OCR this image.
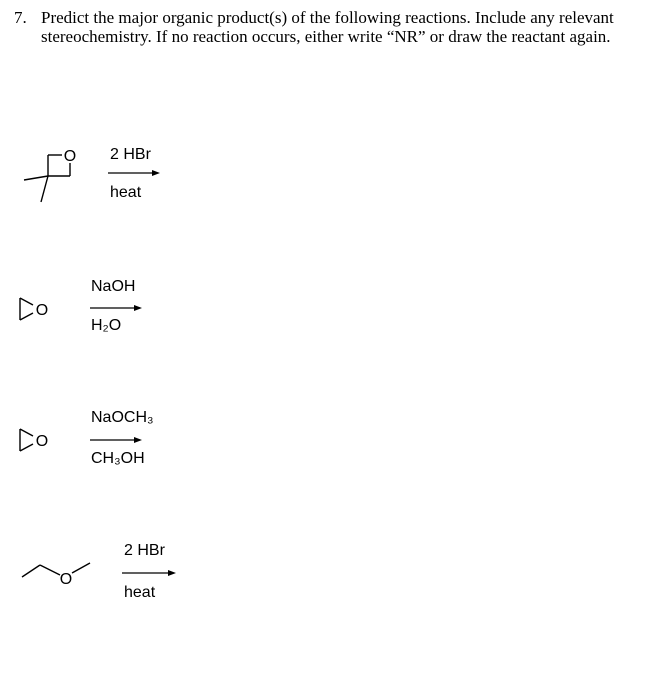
7. Predict the major organic product(s) of the following reactions. Include any relevant stereochemistry. If no reaction occurs, either write “NR” or draw the reactant again.
O 2 HBr
heat
O
NaOH
H₂O
O
NaOCH₃
CH₃OH
O
2 HBr
heat
